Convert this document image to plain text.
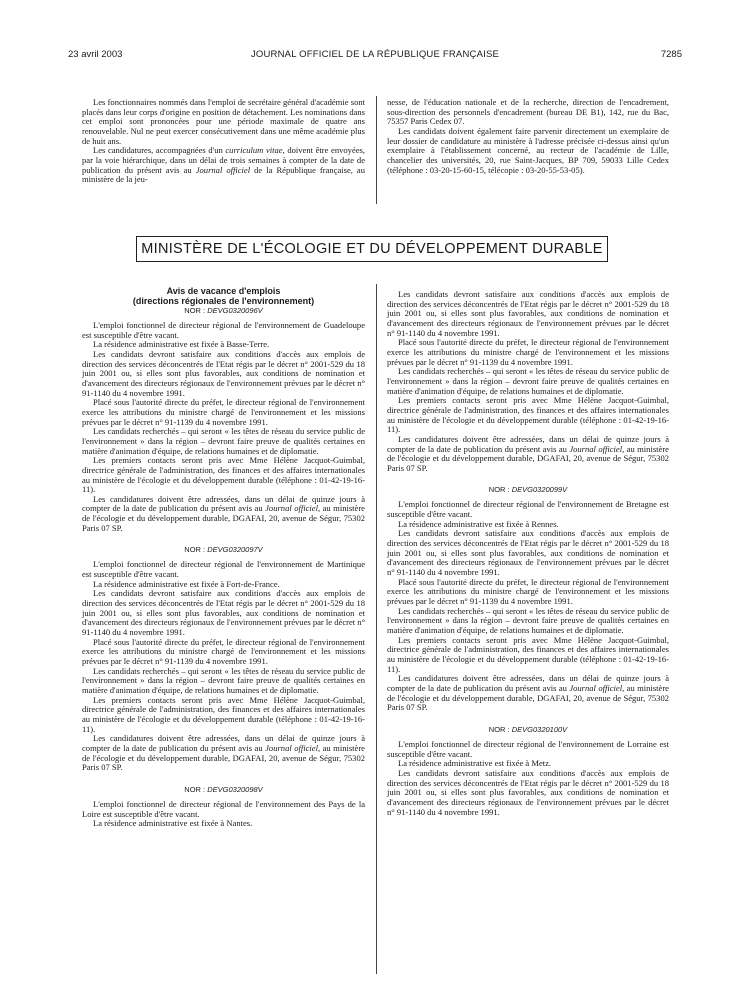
23 avril 2003	JOURNAL OFFICIEL DE LA RÉPUBLIQUE FRANÇAISE	7285

Les fonctionnaires nommés dans l'emploi de secrétaire général d'académie sont placés dans leur corps d'origine en position de détachement. Les nominations dans cet emploi sont prononcées pour une période maximale de quatre ans renouvelable. Nul ne peut exercer consécutivement dans une même académie plus de huit ans.

Les candidatures, accompagnées d'un curriculum vitae, doivent être envoyées, par la voie hiérarchique, dans un délai de trois semaines à compter de la date de publication du présent avis au Journal officiel de la République française, au ministère de la jeu-

nesse, de l'éducation nationale et de la recherche, direction de l'encadrement, sous-direction des personnels d'encadrement (bureau DE B1), 142, rue du Bac, 75357 Paris Cedex 07.

Les candidats doivent également faire parvenir directement un exemplaire de leur dossier de candidature au ministère à l'adresse précisée ci-dessus ainsi qu'un exemplaire à l'établissement concerné, au recteur de l'académie de Lille, chancelier des universités, 20, rue Saint-Jacques, BP 709, 59033 Lille Cedex (téléphone : 03-20-15-60-15, télécopie : 03-20-55-53-05).

MINISTÈRE DE L'ÉCOLOGIE ET DU DÉVELOPPEMENT DURABLE
Avis de vacance d'emplois
(directions régionales de l'environnement)
NOR : DEVG0320096V

L'emploi fonctionnel de directeur régional de l'environnement de Guadeloupe est susceptible d'être vacant.

La résidence administrative est fixée à Basse-Terre.

Les candidats devront satisfaire aux conditions d'accès aux emplois de direction des services déconcentrés de l'Etat régis par le décret n° 2001-529 du 18 juin 2001 ou, si elles sont plus favorables, aux conditions de nomination et d'avancement des directeurs régionaux de l'environnement prévues par le décret n° 91-1140 du 4 novembre 1991.

Placé sous l'autorité directe du préfet, le directeur régional de l'environnement exerce les attributions du ministre chargé de l'environnement et les missions prévues par le décret n° 91-1139 du 4 novembre 1991.

Les candidats recherchés – qui seront « les têtes de réseau du service public de l'environnement » dans la région – devront faire preuve de qualités certaines en matière d'animation d'équipe, de relations humaines et de diplomatie.

Les premiers contacts seront pris avec Mme Hélène Jacquot-Guimbal, directrice générale de l'administration, des finances et des affaires internationales au ministère de l'écologie et du développement durable (téléphone : 01-42-19-16-11).

Les candidatures doivent être adressées, dans un délai de quinze jours à compter de la date de publication du présent avis au Journal officiel, au ministère de l'écologie et du développement durable, DGAFAI, 20, avenue de Ségur, 75302 Paris 07 SP.

NOR : DEVG0320097V

L'emploi fonctionnel de directeur régional de l'environnement de Martinique est susceptible d'être vacant.

La résidence administrative est fixée à Fort-de-France.

Les candidats devront satisfaire aux conditions d'accès aux emplois de direction des services déconcentrés de l'Etat régis par le décret n° 2001-529 du 18 juin 2001 ou, si elles sont plus favorables, aux conditions de nomination et d'avancement des directeurs régionaux de l'environnement prévues par le décret n° 91-1140 du 4 novembre 1991.

Placé sous l'autorité directe du préfet, le directeur régional de l'environnement exerce les attributions du ministre chargé de l'environnement et les missions prévues par le décret n° 91-1139 du 4 novembre 1991.

Les candidats recherchés – qui seront « les têtes de réseau du service public de l'environnement » dans la région – devront faire preuve de qualités certaines en matière d'animation d'équipe, de relations humaines et de diplomatie.

Les premiers contacts seront pris avec Mme Hélène Jacquot-Guimbal, directrice générale de l'administration, des finances et des affaires internationales au ministère de l'écologie et du développement durable (téléphone : 01-42-19-16-11).

Les candidatures doivent être adressées, dans un délai de quinze jours à compter de la date de publication du présent avis au Journal officiel, au ministère de l'écologie et du développement durable, DGAFAI, 20, avenue de Ségur, 75302 Paris 07 SP.

NOR : DEVG0320098V

L'emploi fonctionnel de directeur régional de l'environnement des Pays de la Loire est susceptible d'être vacant.

La résidence administrative est fixée à Nantes.

Les candidats devront satisfaire aux conditions d'accès aux emplois de direction des services déconcentrés de l'Etat régis par le décret n° 2001-529 du 18 juin 2001 ou, si elles sont plus favorables, aux conditions de nomination et d'avancement des directeurs régionaux de l'environnement prévues par le décret n° 91-1140 du 4 novembre 1991.

Placé sous l'autorité directe du préfet, le directeur régional de l'environnement exerce les attributions du ministre chargé de l'environnement et les missions prévues par le décret n° 91-1139 du 4 novembre 1991.

Les candidats recherchés – qui seront « les têtes de réseau du service public de l'environnement » dans la région – devront faire preuve de qualités certaines en matière d'animation d'équipe, de relations humaines et de diplomatie.

Les premiers contacts seront pris avec Mme Hélène Jacquot-Guimbal, directrice générale de l'administration, des finances et des affaires internationales au ministère de l'écologie et du développement durable (téléphone : 01-42-19-16-11).

Les candidatures doivent être adressées, dans un délai de quinze jours à compter de la date de publication du présent avis au Journal officiel, au ministère de l'écologie et du développement durable, DGAFAI, 20, avenue de Ségur, 75302 Paris 07 SP.

NOR : DEVG0320099V

L'emploi fonctionnel de directeur régional de l'environnement de Bretagne est susceptible d'être vacant.

La résidence administrative est fixée à Rennes.

Les candidats devront satisfaire aux conditions d'accès aux emplois de direction des services déconcentrés de l'Etat régis par le décret n° 2001-529 du 18 juin 2001 ou, si elles sont plus favorables, aux conditions de nomination et d'avancement des directeurs régionaux de l'environnement prévues par le décret n° 91-1140 du 4 novembre 1991.

Placé sous l'autorité directe du préfet, le directeur régional de l'environnement exerce les attributions du ministre chargé de l'environnement et les missions prévues par le décret n° 91-1139 du 4 novembre 1991.

Les candidats recherchés – qui seront « les têtes de réseau du service public de l'environnement » dans la région – devront faire preuve de qualités certaines en matière d'animation d'équipe, de relations humaines et de diplomatie.

Les premiers contacts seront pris avec Mme Hélène Jacquot-Guimbal, directrice générale de l'administration, des finances et des affaires internationales au ministère de l'écologie et du développement durable (téléphone : 01-42-19-16-11).

Les candidatures doivent être adressées, dans un délai de quinze jours à compter de la date de publication du présent avis au Journal officiel, au ministère de l'écologie et du développement durable, DGAFAI, 20, avenue de Ségur, 75302 Paris 07 SP.

NOR : DEVG0320100V

L'emploi fonctionnel de directeur régional de l'environnement de Lorraine est susceptible d'être vacant.

La résidence administrative est fixée à Metz.

Les candidats devront satisfaire aux conditions d'accès aux emplois de direction des services déconcentrés de l'Etat régis par le décret n° 2001-529 du 18 juin 2001 ou, si elles sont plus favorables, aux conditions de nomination et d'avancement des directeurs régionaux de l'environnement prévues par le décret n° 91-1140 du 4 novembre 1991.
